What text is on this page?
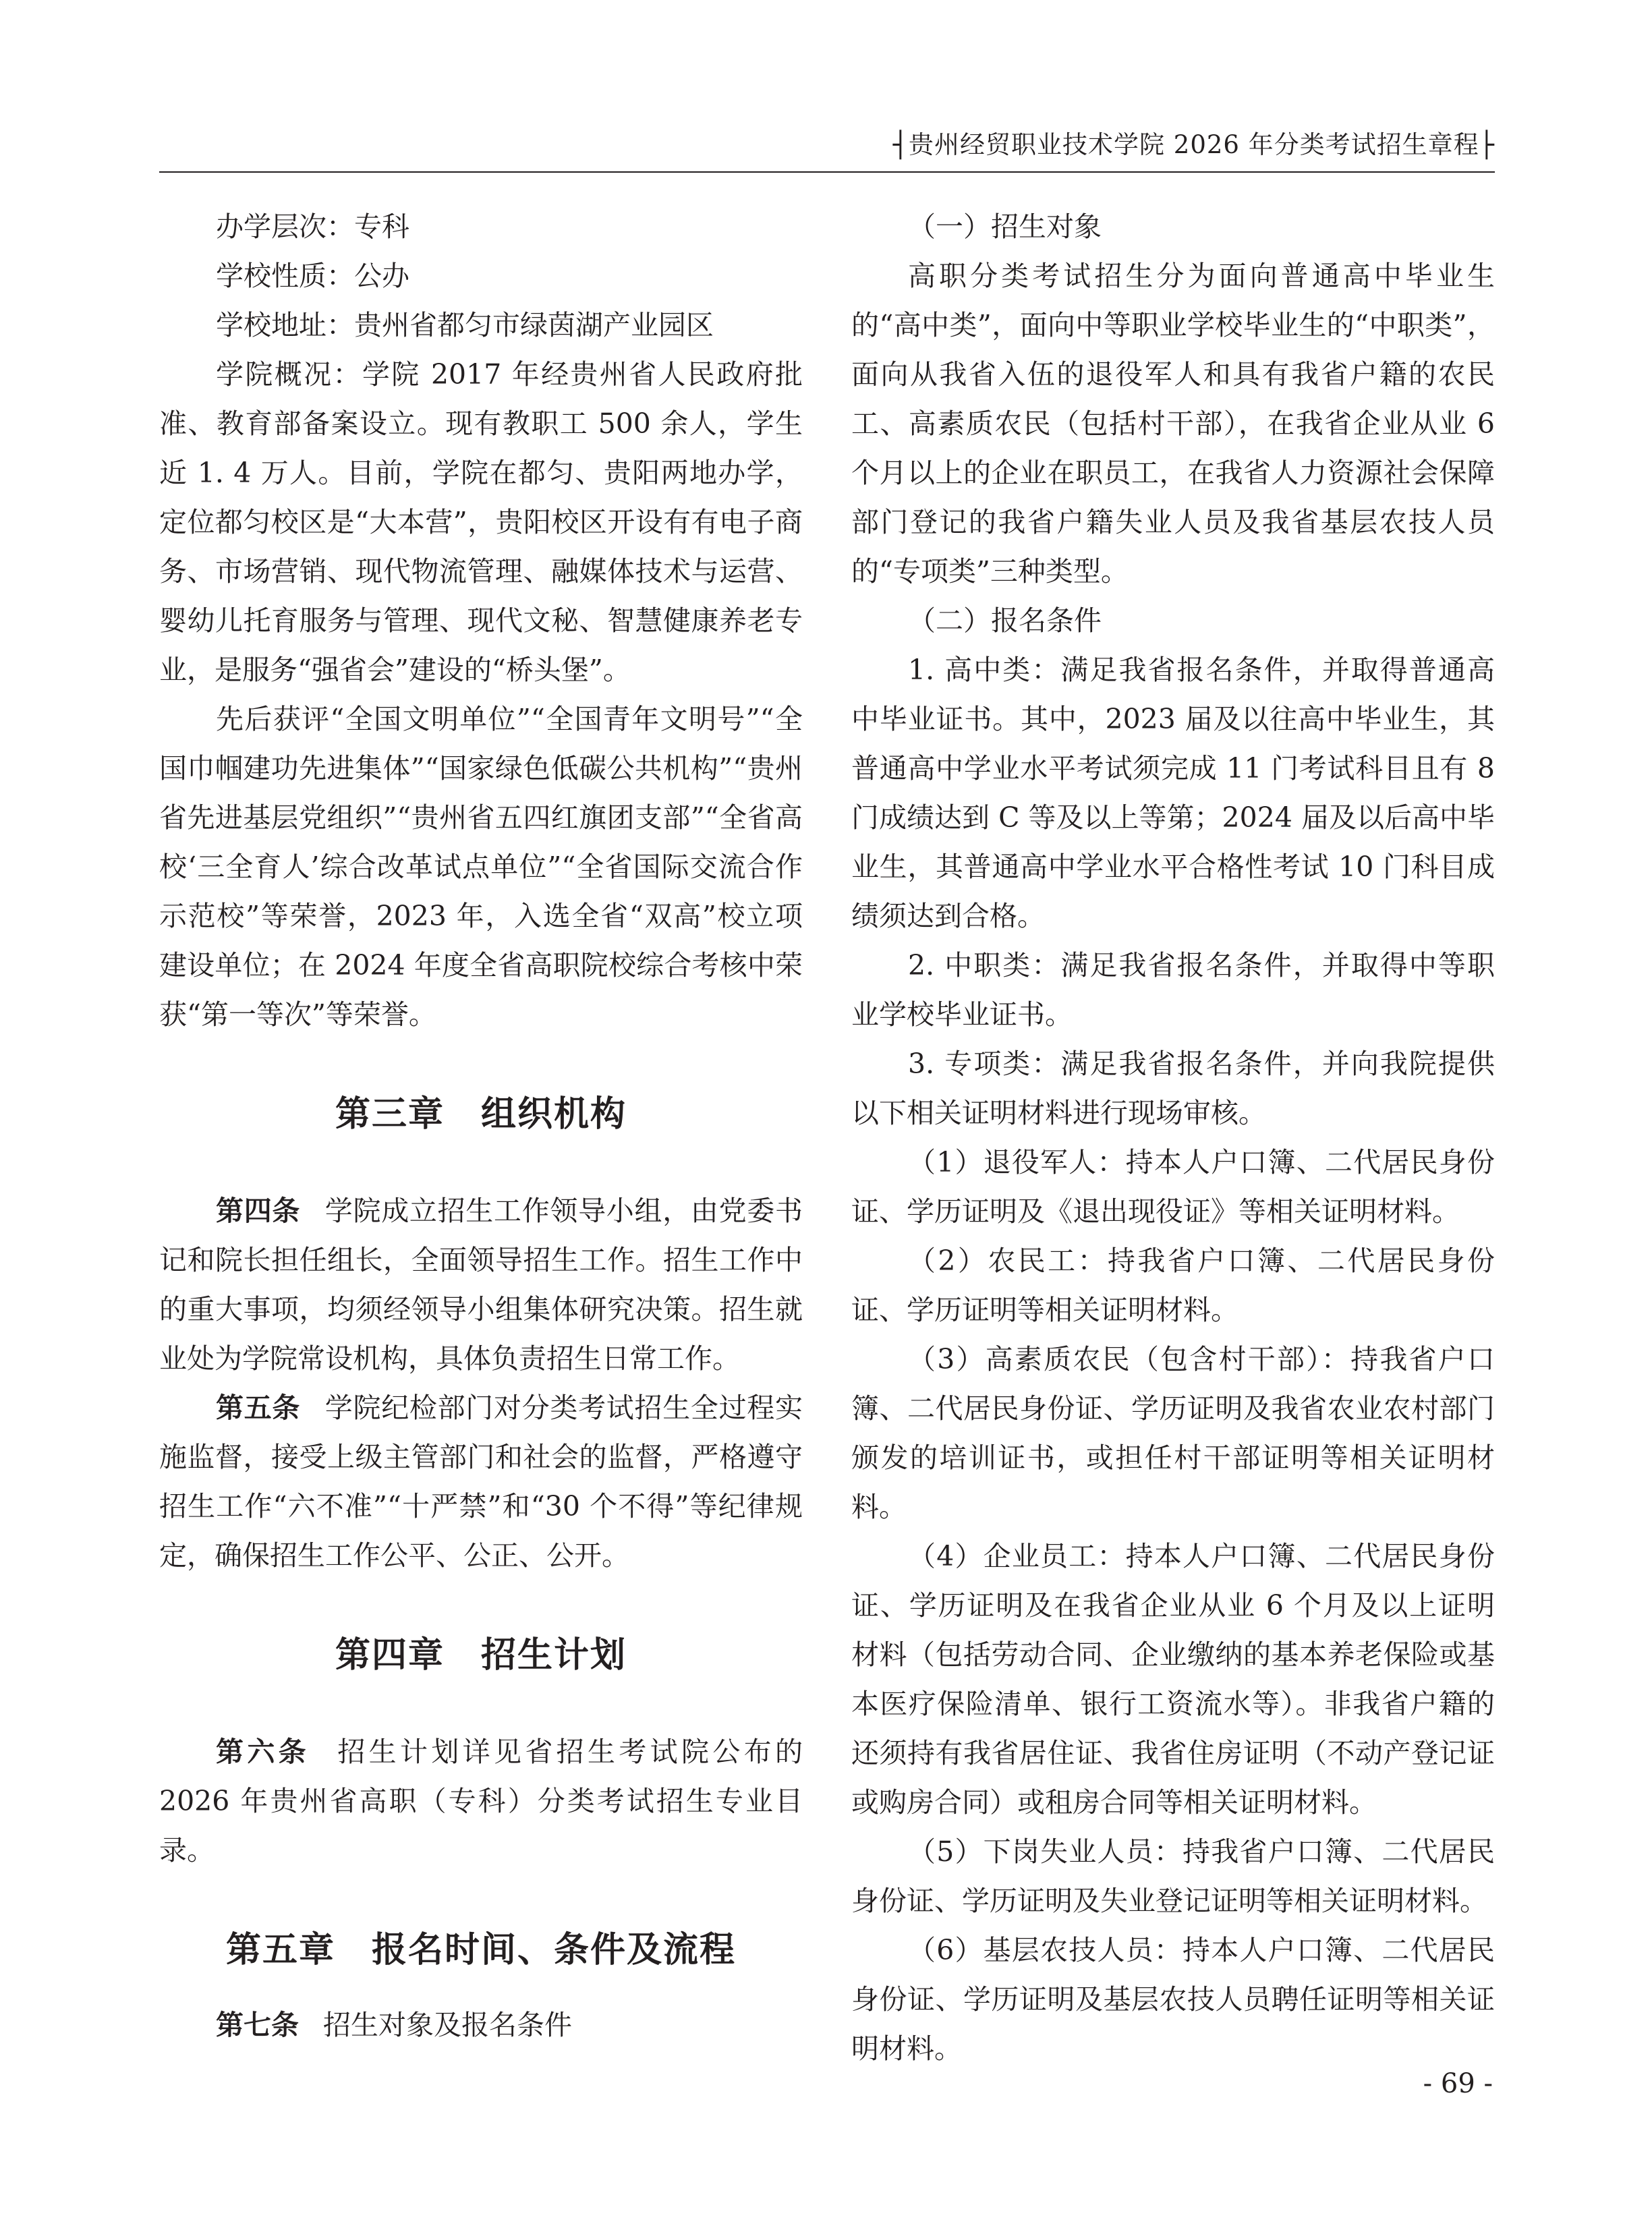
┤贵州经贸职业技术学院 2026 年分类考试招生章程├

办学层次：专科

学校性质：公办

学校地址：贵州省都匀市绿茵湖产业园区

学院概况：学院 2017 年经贵州省人民政府批准、教育部备案设立。现有教职工 500 余人，学生近 1. 4 万人。目前，学院在都匀、贵阳两地办学，定位都匀校区是“大本营”，贵阳校区开设有有电子商务、市场营销、现代物流管理、融媒体技术与运营、婴幼儿托育服务与管理、现代文秘、智慧健康养老专业，是服务“强省会”建设的“桥头堡”。

先后获评“全国文明单位”“全国青年文明号”“全国巾帼建功先进集体”“国家绿色低碳公共机构”“贵州省先进基层党组织”“贵州省五四红旗团支部”“全省高校‘三全育人’综合改革试点单位”“全省国际交流合作示范校”等荣誉，2023 年，入选全省“双高”校立项建设单位；在 2024 年度全省高职院校综合考核中荣获“第一等次”等荣誉。

第三章　组织机构

第四条 学院成立招生工作领导小组，由党委书记和院长担任组长，全面领导招生工作。招生工作中的重大事项，均须经领导小组集体研究决策。招生就业处为学院常设机构，具体负责招生日常工作。

第五条 学院纪检部门对分类考试招生全过程实施监督，接受上级主管部门和社会的监督，严格遵守招生工作“六不准”“十严禁”和“30 个不得”等纪律规定，确保招生工作公平、公正、公开。

第四章　招生计划

第六条 招生计划详见省招生考试院公布的 2026 年贵州省高职（专科）分类考试招生专业目录。

第五章　报名时间、条件及流程

第七条 招生对象及报名条件

（一）招生对象

高职分类考试招生分为面向普通高中毕业生的“高中类”，面向中等职业学校毕业生的“中职类”，面向从我省入伍的退役军人和具有我省户籍的农民工、高素质农民（包括村干部），在我省企业从业 6 个月以上的企业在职员工，在我省人力资源社会保障部门登记的我省户籍失业人员及我省基层农技人员的“专项类”三种类型。

（二）报名条件

1. 高中类：满足我省报名条件，并取得普通高中毕业证书。其中，2023 届及以往高中毕业生，其普通高中学业水平考试须完成 11 门考试科目且有 8 门成绩达到 C 等及以上等第；2024 届及以后高中毕业生，其普通高中学业水平合格性考试 10 门科目成绩须达到合格。

2. 中职类：满足我省报名条件，并取得中等职业学校毕业证书。

3. 专项类：满足我省报名条件，并向我院提供以下相关证明材料进行现场审核。

（1）退役军人：持本人户口簿、二代居民身份证、学历证明及《退出现役证》等相关证明材料。

（2）农民工：持我省户口簿、二代居民身份证、学历证明等相关证明材料。

（3）高素质农民（包含村干部）：持我省户口簿、二代居民身份证、学历证明及我省农业农村部门颁发的培训证书，或担任村干部证明等相关证明材料。

（4）企业员工：持本人户口簿、二代居民身份证、学历证明及在我省企业从业 6 个月及以上证明材料（包括劳动合同、企业缴纳的基本养老保险或基本医疗保险清单、银行工资流水等）。非我省户籍的还须持有我省居住证、我省住房证明（不动产登记证或购房合同）或租房合同等相关证明材料。

（5）下岗失业人员：持我省户口簿、二代居民身份证、学历证明及失业登记证明等相关证明材料。

（6）基层农技人员：持本人户口簿、二代居民身份证、学历证明及基层农技人员聘任证明等相关证明材料。

- 69 -
